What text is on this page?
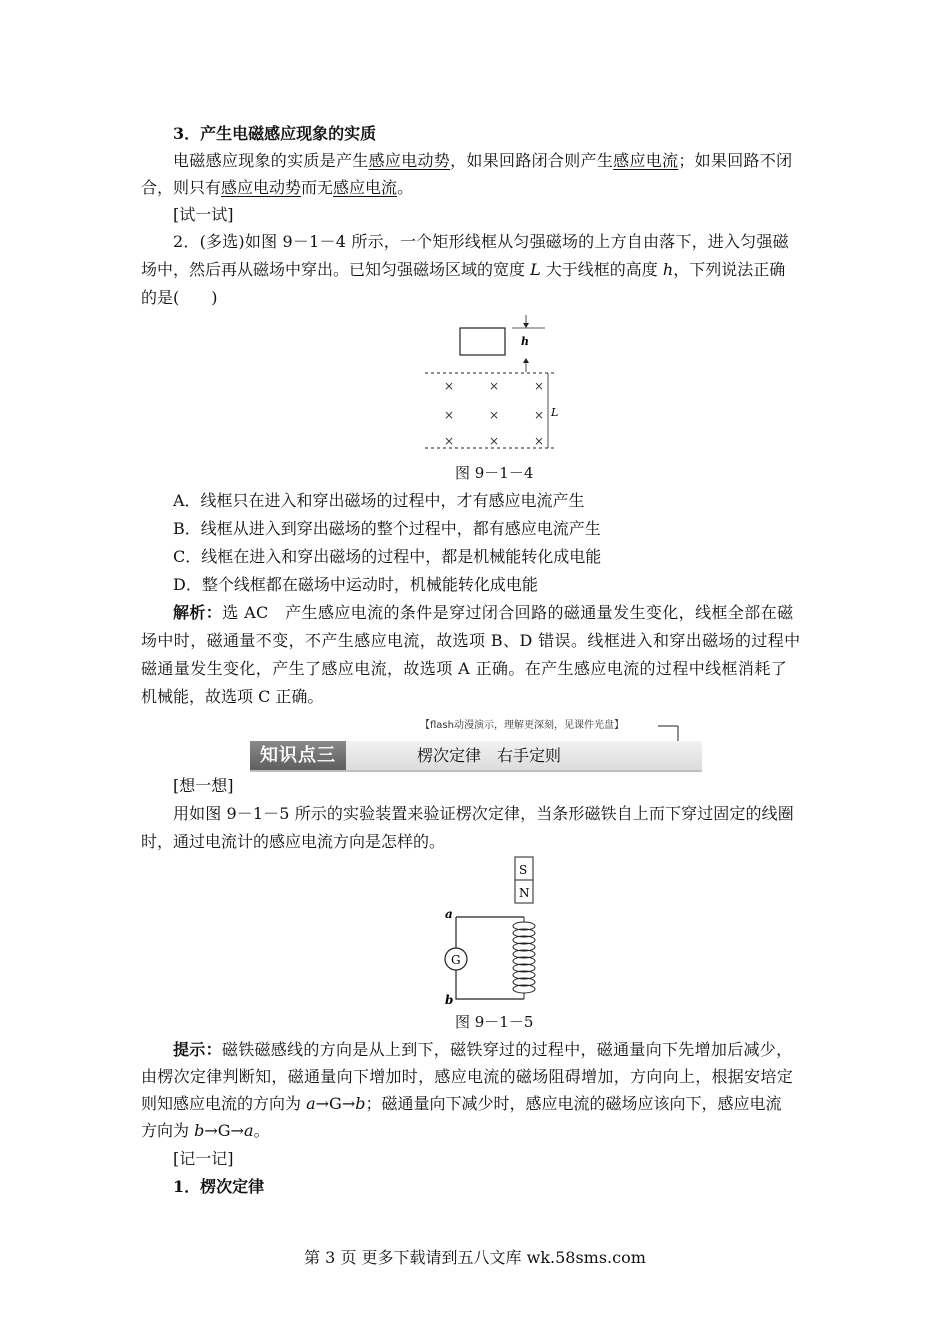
3．产生电磁感应现象的实质
电磁感应现象的实质是产生感应电动势，如果回路闭合则产生感应电流；如果回路不闭
合，则只有感应电动势而无感应电流。
[试一试]
2．(多选)如图 9－1－4 所示，一个矩形线框从匀强磁场的上方自由落下，进入匀强磁
场中，然后再从磁场中穿出。已知匀强磁场区域的宽度 L 大于线框的高度 h，下列说法正确
的是(　　)
h
L
×	×	×
×	×	×
×	×	×
图 9－1－4
A．线框只在进入和穿出磁场的过程中，才有感应电流产生
B．线框从进入到穿出磁场的整个过程中，都有感应电流产生
C．线框在进入和穿出磁场的过程中，都是机械能转化成电能
D．整个线框都在磁场中运动时，机械能转化成电能
解析：选 AC　产生感应电流的条件是穿过闭合回路的磁通量发生变化，线框全部在磁
场中时，磁通量不变，不产生感应电流，故选项 B、D 错误。线框进入和穿出磁场的过程中
磁通量发生变化，产生了感应电流，故选项 A 正确。在产生感应电流的过程中线框消耗了
机械能，故选项 C 正确。
【flash动漫演示，理解更深刻，见课件光盘】
知识点三	楞次定律　右手定则
[想一想]
用如图 9－1－5 所示的实验装置来验证楞次定律，当条形磁铁自上而下穿过固定的线圈
时，通过电流计的感应电流方向是怎样的。
S
N
G
a
b
图 9－1－5
提示：磁铁磁感线的方向是从上到下，磁铁穿过的过程中，磁通量向下先增加后减少，
由楞次定律判断知，磁通量向下增加时，感应电流的磁场阻碍增加，方向向上，根据安培定
则知感应电流的方向为 a→G→b；磁通量向下减少时，感应电流的磁场应该向下，感应电流
方向为 b→G→a。
[记一记]
1．楞次定律
第 3 页 更多下载请到五八文库 wk.58sms.com
